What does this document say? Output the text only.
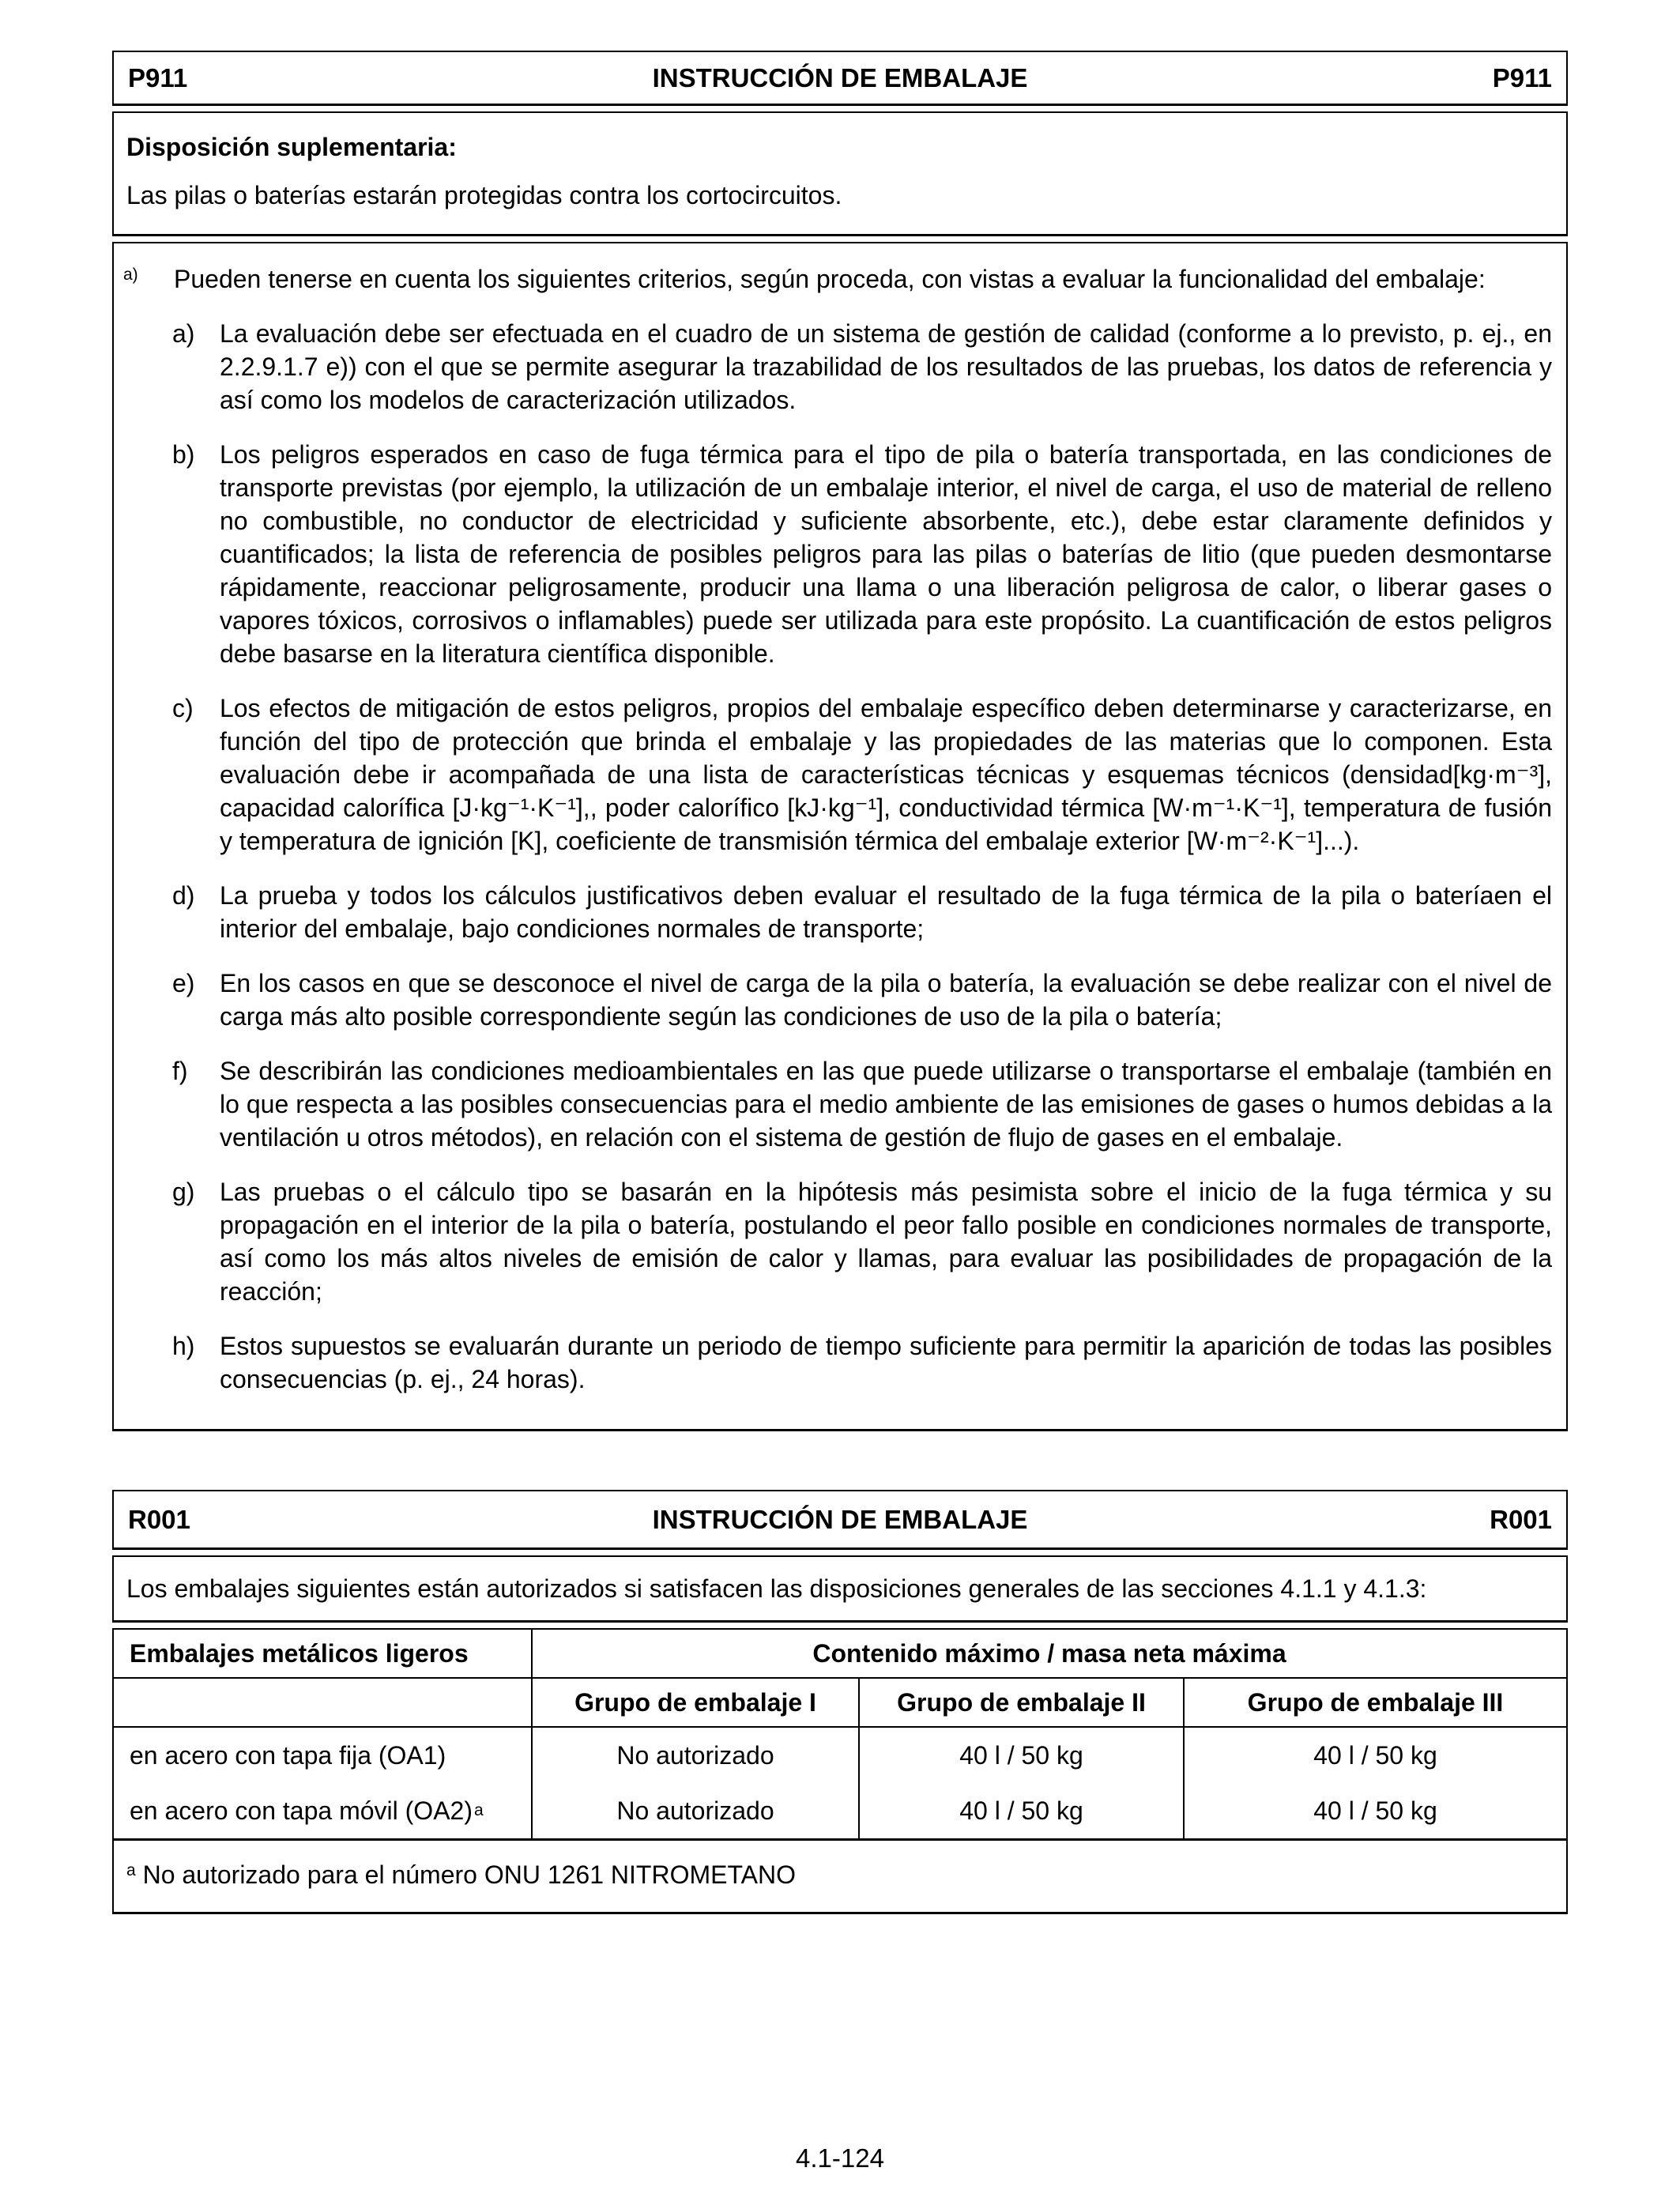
P911	INSTRUCCIÓN DE EMBALAJE	P911
Disposición suplementaria:
Las pilas o baterías estarán protegidas contra los cortocircuitos.
a) Pueden tenerse en cuenta los siguientes criterios, según proceda, con vistas a evaluar la funcionalidad del embalaje:
a) La evaluación debe ser efectuada en el cuadro de un sistema de gestión de calidad (conforme a lo previsto, p. ej., en 2.2.9.1.7 e)) con el que se permite asegurar la trazabilidad de los resultados de las pruebas, los datos de referencia y así como los modelos de caracterización utilizados.
b) Los peligros esperados en caso de fuga térmica para el tipo de pila o batería transportada, en las condiciones de transporte previstas (por ejemplo, la utilización de un embalaje interior, el nivel de carga, el uso de material de relleno no combustible, no conductor de electricidad y suficiente absorbente, etc.), debe estar claramente definidos y cuantificados; la lista de referencia de posibles peligros para las pilas o baterías de litio (que pueden desmontarse rápidamente, reaccionar peligrosamente, producir una llama o una liberación peligrosa de calor, o liberar gases o vapores tóxicos, corrosivos o inflamables) puede ser utilizada para este propósito. La cuantificación de estos peligros debe basarse en la literatura científica disponible.
c)	Los efectos de mitigación de estos peligros, propios del embalaje específico deben determinarse y caracterizarse, en función del tipo de protección que brinda el embalaje y las propiedades de las materias que lo componen. Esta evaluación debe ir acompañada de una lista de características técnicas y esquemas técnicos (densidad[kg·m⁻³], capacidad calorífica [J·kg⁻¹·K⁻¹],, poder calorífico [kJ·kg⁻¹], conductividad térmica [W·m⁻¹·K⁻¹], temperatura de fusión y temperatura de ignición [K], coeficiente de transmisión térmica del embalaje exterior [W·m⁻²·K⁻¹]...).
d) La prueba y todos los cálculos justificativos deben evaluar el resultado de la fuga térmica de la pila o bateríaen el interior del embalaje, bajo condiciones normales de transporte;
e) En los casos en que se desconoce el nivel de carga de la pila o batería, la evaluación se debe realizar con el nivel de carga más alto posible correspondiente según las condiciones de uso de la pila o batería;
f)	Se describirán las condiciones medioambientales en las que puede utilizarse o transportarse el embalaje (también en lo que respecta a las posibles consecuencias para el medio ambiente de las emisiones de gases o humos debidas a la ventilación u otros métodos), en relación con el sistema de gestión de flujo de gases en el embalaje.
g) Las pruebas o el cálculo tipo se basarán en la hipótesis más pesimista sobre el inicio de la fuga térmica y su propagación en el interior de la pila o batería, postulando el peor fallo posible en condiciones normales de transporte, así como los más altos niveles de emisión de calor y llamas, para evaluar las posibilidades de propagación de la reacción;
h) Estos supuestos se evaluarán durante un periodo de tiempo suficiente para permitir la aparición de todas las posibles consecuencias (p. ej., 24 horas).
R001	INSTRUCCIÓN DE EMBALAJE	R001
Los embalajes siguientes están autorizados si satisfacen las disposiciones generales de las secciones 4.1.1 y 4.1.3:
Embalajes metálicos ligeros	Contenido máximo / masa neta máxima
Grupo de embalaje I	Grupo de embalaje II	Grupo de embalaje III
en acero con tapa fija (OA1)	No autorizado	40 l / 50 kg	40 l / 50 kg
en acero con tapa móvil (OA2) a	No autorizado	40 l / 50 kg	40 l / 50 kg
$^a$ No autorizado para el número ONU 1261 NITROMETANO
4.1-124
